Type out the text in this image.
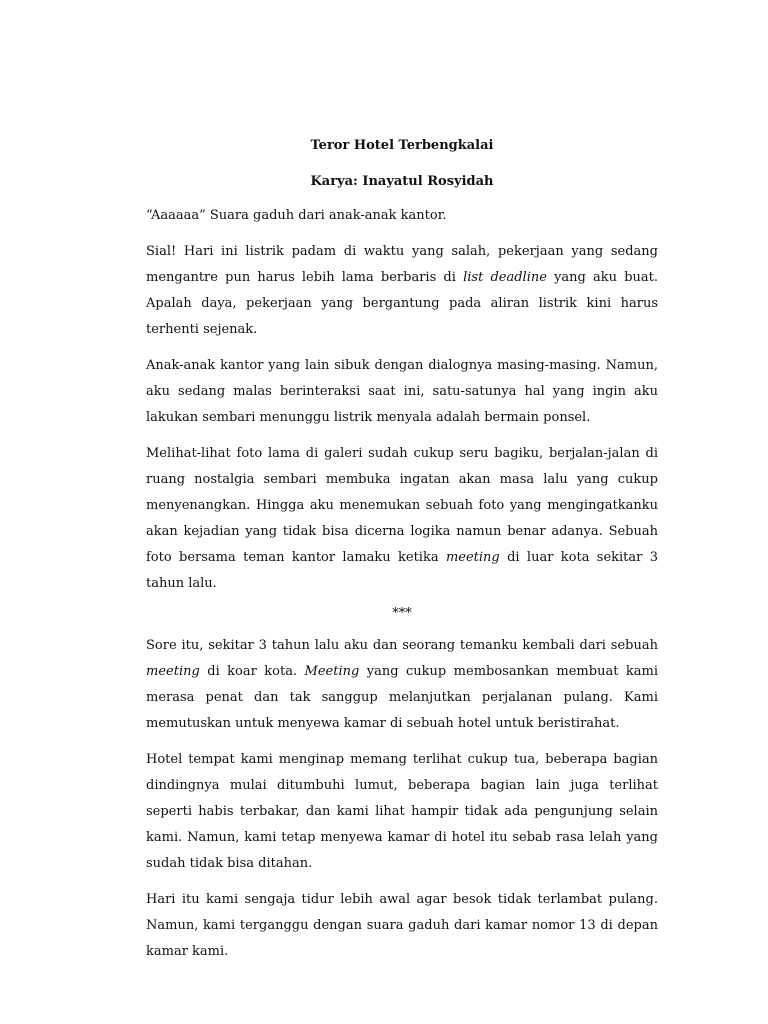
Teror Hotel Terbengkalai

Karya: Inayatul Rosyidah

“Aaaaaa” Suara gaduh dari anak-anak kantor.

Sial! Hari ini listrik padam di waktu yang salah, pekerjaan yang sedang mengantre pun harus lebih lama berbaris di list deadline yang aku buat. Apalah daya, pekerjaan yang bergantung pada aliran listrik kini harus terhenti sejenak.

Anak-anak kantor yang lain sibuk dengan dialognya masing-masing. Namun, aku sedang malas berinteraksi saat ini, satu-satunya hal yang ingin aku lakukan sembari menunggu listrik menyala adalah bermain ponsel.

Melihat-lihat foto lama di galeri sudah cukup seru bagiku, berjalan-jalan di ruang nostalgia sembari membuka ingatan akan masa lalu yang cukup menyenangkan. Hingga aku menemukan sebuah foto yang mengingatkanku akan kejadian yang tidak bisa dicerna logika namun benar adanya. Sebuah foto bersama teman kantor lamaku ketika meeting di luar kota sekitar 3 tahun lalu.

***

Sore itu, sekitar 3 tahun lalu aku dan seorang temanku kembali dari sebuah meeting di koar kota. Meeting yang cukup membosankan membuat kami merasa penat dan tak sanggup melanjutkan perjalanan pulang. Kami memutuskan untuk menyewa kamar di sebuah hotel untuk beristirahat.

Hotel tempat kami menginap memang terlihat cukup tua, beberapa bagian dindingnya mulai ditumbuhi lumut, beberapa bagian lain juga terlihat seperti habis terbakar, dan kami lihat hampir tidak ada pengunjung selain kami. Namun, kami tetap menyewa kamar di hotel itu sebab rasa lelah yang sudah tidak bisa ditahan.

Hari itu kami sengaja tidur lebih awal agar besok tidak terlambat pulang. Namun, kami terganggu dengan suara gaduh dari kamar nomor 13 di depan kamar kami.
